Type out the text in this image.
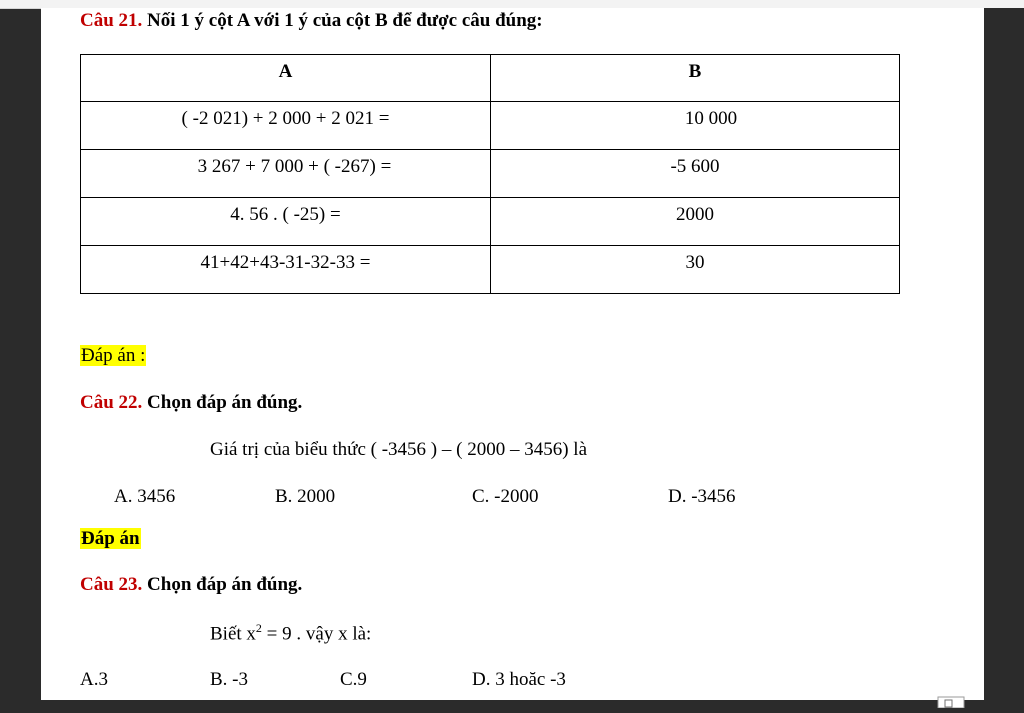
Câu 21. Nối 1 ý cột A với 1 ý của cột B để được câu đúng:
A	B

( -2 021) + 2 000 + 2 021 =	10 000

3 267 + 7 000 + ( -267) =	-5 600

4. 56 . ( -25) =	2000

41+42+43-31-32-33 =	30
Đáp án :
Câu 22. Chọn đáp án đúng.
Giá trị của biểu thức ( -3456 ) – ( 2000 – 3456) là
A. 3456	B. 2000	C. -2000	D. -3456
Đáp án
Câu 23. Chọn đáp án đúng.
Biết $x^2 = 9$ . vậy x là:
A.3	B. -3	C.9	D. 3 hoăc -3
